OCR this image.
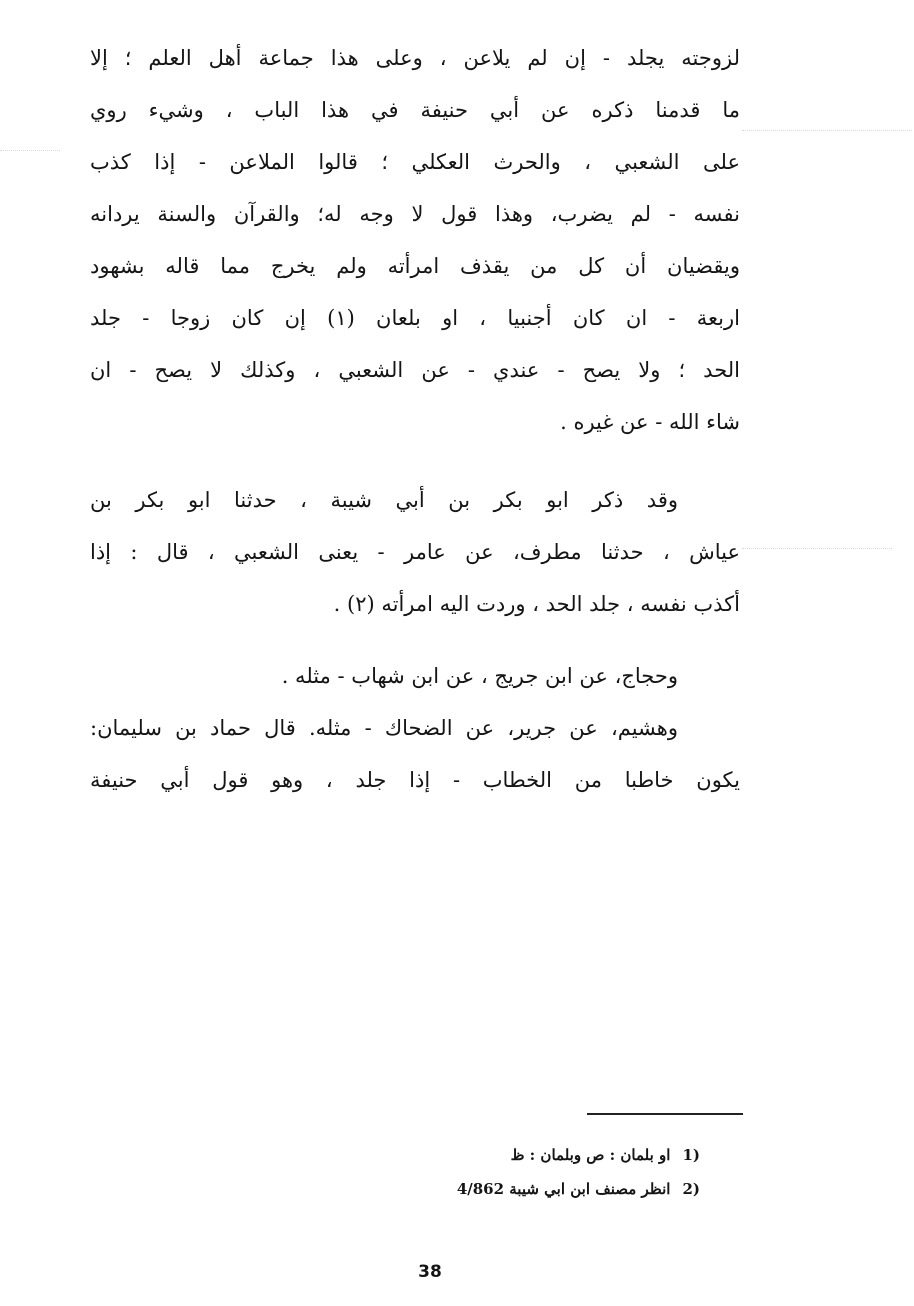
لزوجته يجلد - إن لم يلاعن ، وعلى هذا جماعة أهل العلم ؛ إلا
ما قدمنا ذكره عن أبي حنيفة في هذا الباب ، وشيء روي
على الشعبي ، والحرث العكلي ؛ قالوا الملاعن - إذا كذب
نفسه - لم يضرب، وهذا قول لا وجه له؛ والقرآن والسنة يردانه
ويقضيان أن كل من يقذف امرأته ولم يخرج مما قاله بشهود
اربعة - ان كان أجنبيا ، او بلعان (١) إن كان زوجا - جلد
الحد ؛ ولا يصح - عندي - عن الشعبي ، وكذلك لا يصح - ان
شاء الله - عن غيره .
وقد ذكر ابو بكر بن أبي شيبة ، حدثنا ابو بكر بن
عياش ، حدثنا مطرف، عن عامر - يعنى الشعبي ، قال : إذا
أكذب نفسه ، جلد الحد ، وردت اليه امرأته (٢) .
وحجاج، عن ابن جريج ، عن ابن شهاب - مثله .
وهشيم، عن جرير، عن الضحاك - مثله. قال حماد بن سليمان:
يكون خاطبا من الخطاب - إذا جلد ، وهو قول أبي حنيفة
1)او بلمان : ص وبلمان : ظ
2)انظر مصنف ابن ابي شيبة 4/862
38
